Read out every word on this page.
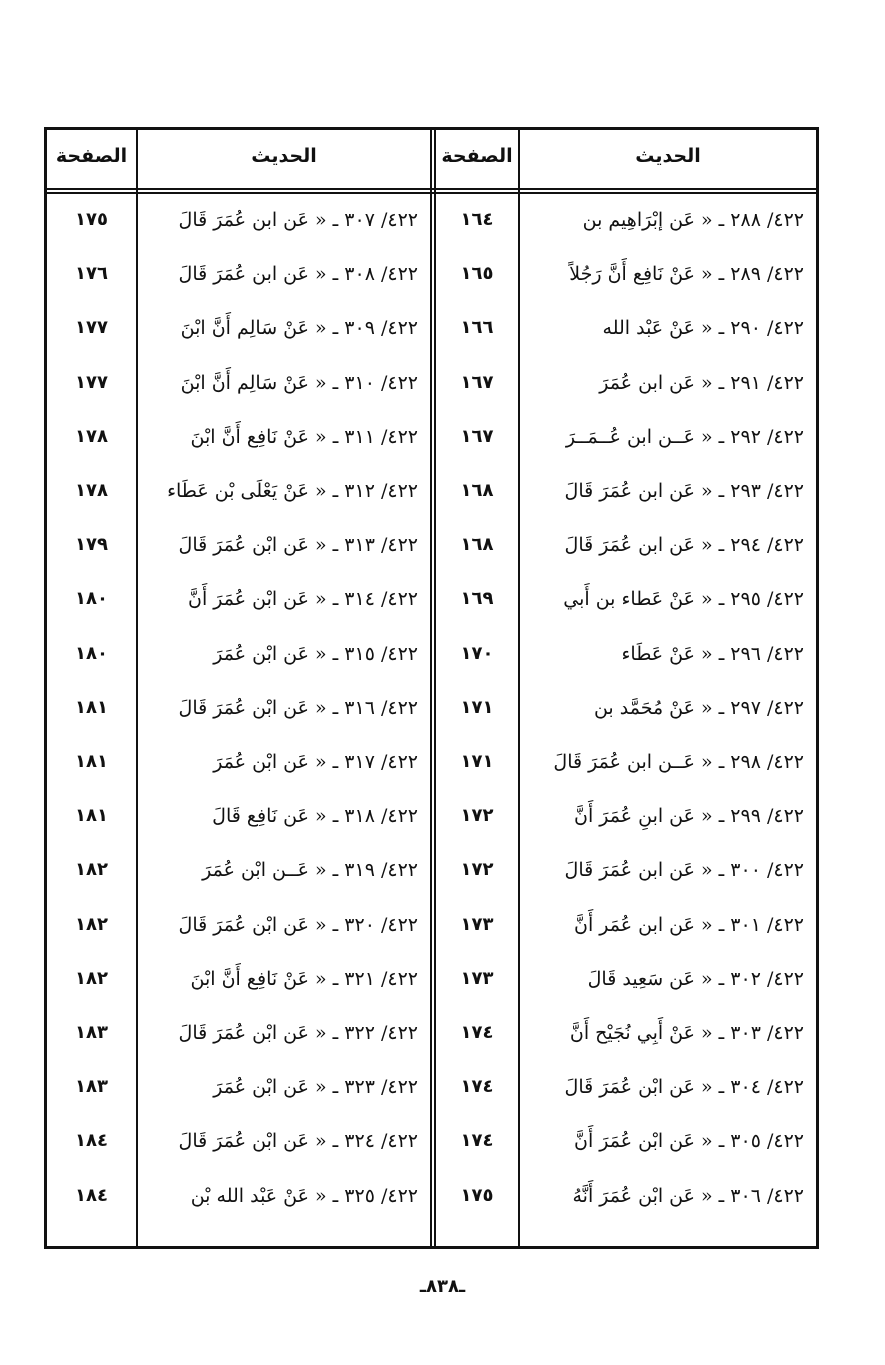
الصفحة	الحديث	الصفحة	الحديث
١٧٥	٤٢٢/ ٣٠٧ ـ « عَن ابن عُمَرَ قَالَ	١٦٤	٤٢٢/ ٢٨٨ ـ « عَن إبْرَاهِيم بن
١٧٦	٤٢٢/ ٣٠٨ ـ « عَن ابن عُمَرَ قَالَ	١٦٥	٤٢٢/ ٢٨٩ ـ « عَنْ نَافِع أَنَّ رَجُلاً
١٧٧	٤٢٢/ ٣٠٩ ـ « عَنْ سَالِم أَنَّ ابْنَ	١٦٦	٤٢٢/ ٢٩٠ ـ « عَنْ عَبْد الله
١٧٧	٤٢٢/ ٣١٠ ـ « عَنْ سَالِم أَنَّ ابْنَ	١٦٧	٤٢٢/ ٢٩١ ـ « عَن ابن عُمَرَ
١٧٨	٤٢٢/ ٣١١ ـ « عَنْ نَافِع أَنَّ ابْنَ	١٦٧	٤٢٢/ ٢٩٢ ـ « عَــن ابن عُــمَــرَ
١٧٨	٤٢٢/ ٣١٢ ـ « عَنْ يَعْلَى بْن عَطَاء	١٦٨	٤٢٢/ ٢٩٣ ـ « عَن ابن عُمَرَ قَالَ
١٧٩	٤٢٢/ ٣١٣ ـ « عَن ابْن عُمَرَ قَالَ	١٦٨	٤٢٢/ ٢٩٤ ـ « عَن ابن عُمَرَ قَالَ
١٨٠	٤٢٢/ ٣١٤ ـ « عَن ابْن عُمَرَ أَنَّ	١٦٩	٤٢٢/ ٢٩٥ ـ « عَنْ عَطاء بن أَبي
١٨٠	٤٢٢/ ٣١٥ ـ « عَن ابْن عُمَرَ	١٧٠	٤٢٢/ ٢٩٦ ـ « عَنْ عَطَاء
١٨١	٤٢٢/ ٣١٦ ـ « عَن ابْن عُمَرَ قَالَ	١٧١	٤٢٢/ ٢٩٧ ـ « عَنْ مُحَمَّد بن
١٨١	٤٢٢/ ٣١٧ ـ « عَن ابْن عُمَرَ	١٧١	٤٢٢/ ٢٩٨ ـ « عَــن ابن عُمَرَ قَالَ
١٨١	٤٢٢/ ٣١٨ ـ « عَن نَافِع قَالَ	١٧٢	٤٢٢/ ٢٩٩ ـ « عَن ابنِ عُمَرَ أَنَّ
١٨٢	٤٢٢/ ٣١٩ ـ « عَــن ابْن عُمَرَ	١٧٢	٤٢٢/ ٣٠٠ ـ « عَن ابن عُمَرَ قَالَ
١٨٢	٤٢٢/ ٣٢٠ ـ « عَن ابْن عُمَرَ قَالَ	١٧٣	٤٢٢/ ٣٠١ ـ « عَن ابن عُمَر أَنَّ
١٨٢	٤٢٢/ ٣٢١ ـ « عَنْ نَافِع أَنَّ ابْنَ	١٧٣	٤٢٢/ ٣٠٢ ـ « عَن سَعِيد قَالَ
١٨٣	٤٢٢/ ٣٢٢ ـ « عَن ابْن عُمَرَ قَالَ	١٧٤	٤٢٢/ ٣٠٣ ـ « عَنْ أَبِي نُجَيْح أَنَّ
١٨٣	٤٢٢/ ٣٢٣ ـ « عَن ابْن عُمَرَ	١٧٤	٤٢٢/ ٣٠٤ ـ « عَن ابْن عُمَرَ قَالَ
١٨٤	٤٢٢/ ٣٢٤ ـ « عَن ابْن عُمَرَ قَالَ	١٧٤	٤٢٢/ ٣٠٥ ـ « عَن ابْن عُمَرَ أَنَّ
١٨٤	٤٢٢/ ٣٢٥ ـ « عَنْ عَبْد الله بْن	١٧٥	٤٢٢/ ٣٠٦ ـ « عَن ابْن عُمَرَ أَنَّهُ
ـ٨٣٨ـ
